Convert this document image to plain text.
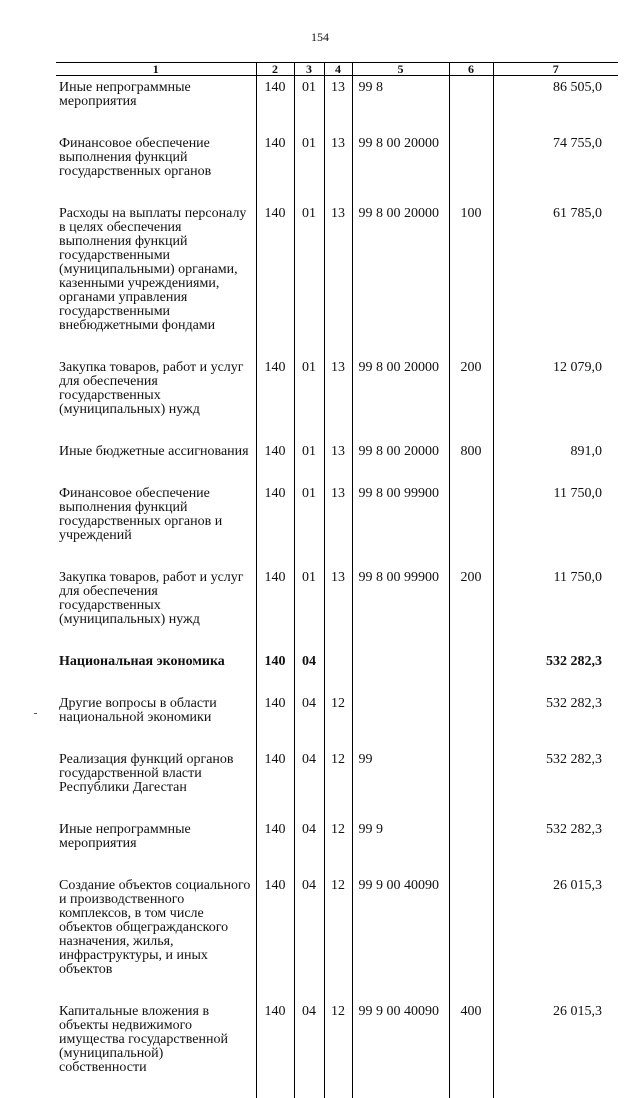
154
1	2	3	4	5	6	7
Иные непрограммные мероприятия	140	01	13	99 8		86 505,0
Финансовое обеспечение выполнения функций государственных органов	140	01	13	99 8 00 20000		74 755,0
Расходы на выплаты персоналу в целях обеспечения выполнения функций государственными (муниципальными) органами, казенными учреждениями, органами управления государственными внебюджетными фондами	140	01	13	99 8 00 20000	100	61 785,0
Закупка товаров, работ и услуг для обеспечения государственных (муниципальных) нужд	140	01	13	99 8 00 20000	200	12 079,0
Иные бюджетные ассигнования	140	01	13	99 8 00 20000	800	891,0
Финансовое обеспечение выполнения функций государственных органов и учреждений	140	01	13	99 8 00 99900		11 750,0
Закупка товаров, работ и услуг для обеспечения государственных (муниципальных) нужд	140	01	13	99 8 00 99900	200	11 750,0
Национальная экономика	140	04				532 282,3
Другие вопросы в области национальной экономики	140	04	12			532 282,3
Реализация функций органов государственной власти Республики Дагестан	140	04	12	99		532 282,3
Иные непрограммные мероприятия	140	04	12	99 9		532 282,3
Создание объектов социального и производственного комплексов, в том числе объектов общегражданского назначения, жилья, инфраструктуры, и иных объектов	140	04	12	99 9 00 40090		26 015,3
Капитальные вложения в объекты недвижимого имущества государственной (муниципальной) собственности	140	04	12	99 9 00 40090	400	26 015,3
